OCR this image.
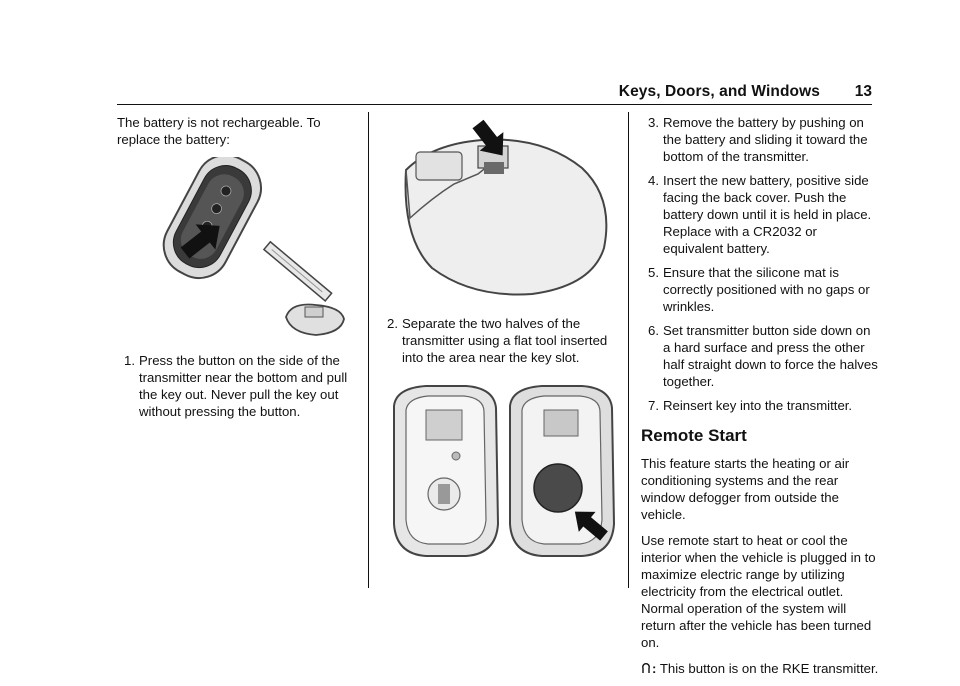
Keys, Doors, and Windows 13

The battery is not rechargeable. To replace the battery:

1. Press the button on the side of the transmitter near the bottom and pull the key out. Never pull the key out without pressing the button.
2. Separate the two halves of the transmitter using a flat tool inserted into the area near the key slot.
3. Remove the battery by pushing on the battery and sliding it toward the bottom of the transmitter.
4. Insert the new battery, positive side facing the back cover. Push the battery down until it is held in place. Replace with a CR2032 or equivalent battery.
5. Ensure that the silicone mat is correctly positioned with no gaps or wrinkles.
6. Set transmitter button side down on a hard surface and press the other half straight down to force the halves together.
7. Reinsert key into the transmitter.
Remote Start

This feature starts the heating or air conditioning systems and the rear window defogger from outside the vehicle.

Use remote start to heat or cool the interior when the vehicle is plugged in to maximize electric range by utilizing electricity from the electrical outlet. Normal operation of the system will return after the vehicle has been turned on.

: This button is on the RKE transmitter.
